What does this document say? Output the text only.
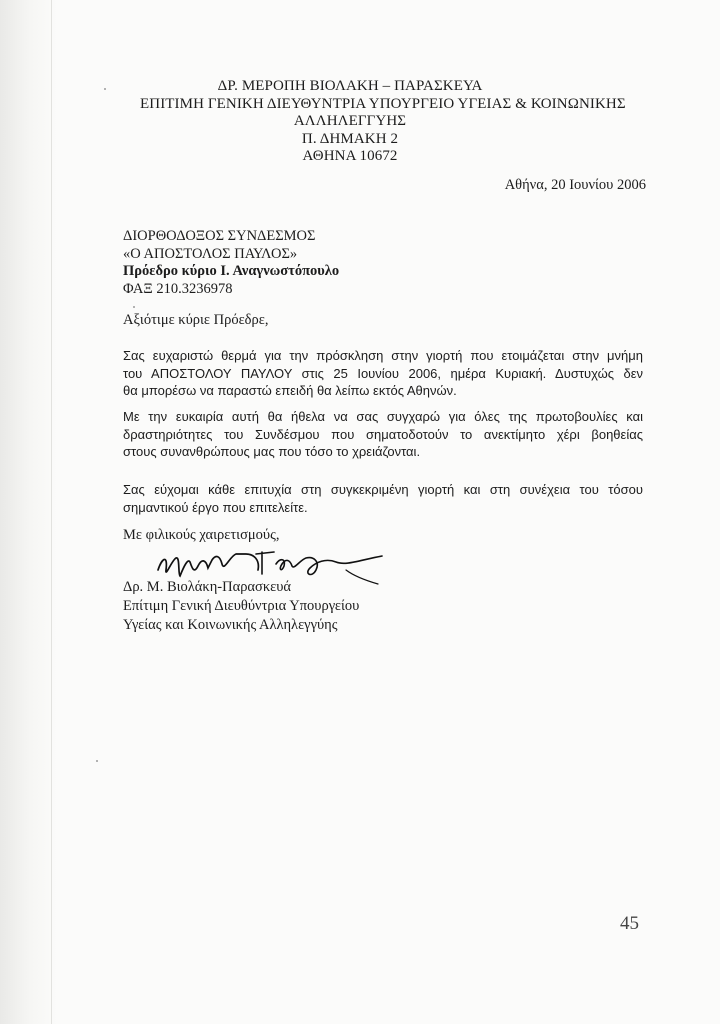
ΔΡ. ΜΕΡΟΠΗ ΒΙΟΛΑΚΗ – ΠΑΡΑΣΚΕΥΑ
ΕΠΙΤΙΜΗ ΓΕΝΙΚΗ ΔΙΕΥΘΥΝΤΡΙΑ ΥΠΟΥΡΓΕΙΟ ΥΓΕΙΑΣ & ΚΟΙΝΩΝΙΚΗΣ
ΑΛΛΗΛΕΓΓΥΗΣ
Π. ΔΗΜΑΚΗ 2
ΑΘΗΝΑ 10672
Αθήνα, 20 Ιουνίου 2006
ΔΙΟΡΘΟΔΟΞΟΣ ΣΥΝΔΕΣΜΟΣ
«Ο ΑΠΟΣΤΟΛΟΣ ΠΑΥΛΟΣ»
Πρόεδρο κύριο Ι. Αναγνωστόπουλο
ΦΑΞ 210.3236978
Αξιότιμε κύριε Πρόεδρε,
Σας ευχαριστώ θερμά για την πρόσκληση στην γιορτή που ετοιμάζεται στην μνήμη
του ΑΠΟΣΤΟΛΟΥ ΠΑΥΛΟΥ στις 25 Ιουνίου 2006, ημέρα Κυριακή. Δυστυχώς δεν
θα μπορέσω να παραστώ επειδή θα λείπω εκτός Αθηνών.
Με την ευκαιρία αυτή θα ήθελα να σας συγχαρώ για όλες της πρωτοβουλίες και
δραστηριότητες του Συνδέσμου που σηματοδοτούν το ανεκτίμητο χέρι βοηθείας
στους συνανθρώπους μας που τόσο το χρειάζονται.
Σας εύχομαι κάθε επιτυχία στη συγκεκριμένη γιορτή και στη συνέχεια του τόσου
σημαντικού έργο που επιτελείτε.
Με φιλικούς χαιρετισμούς,
Δρ. Μ. Βιολάκη-Παρασκευά
Επίτιμη Γενική Διευθύντρια Υπουργείου
Υγείας και Κοινωνικής Αλληλεγγύης
45
